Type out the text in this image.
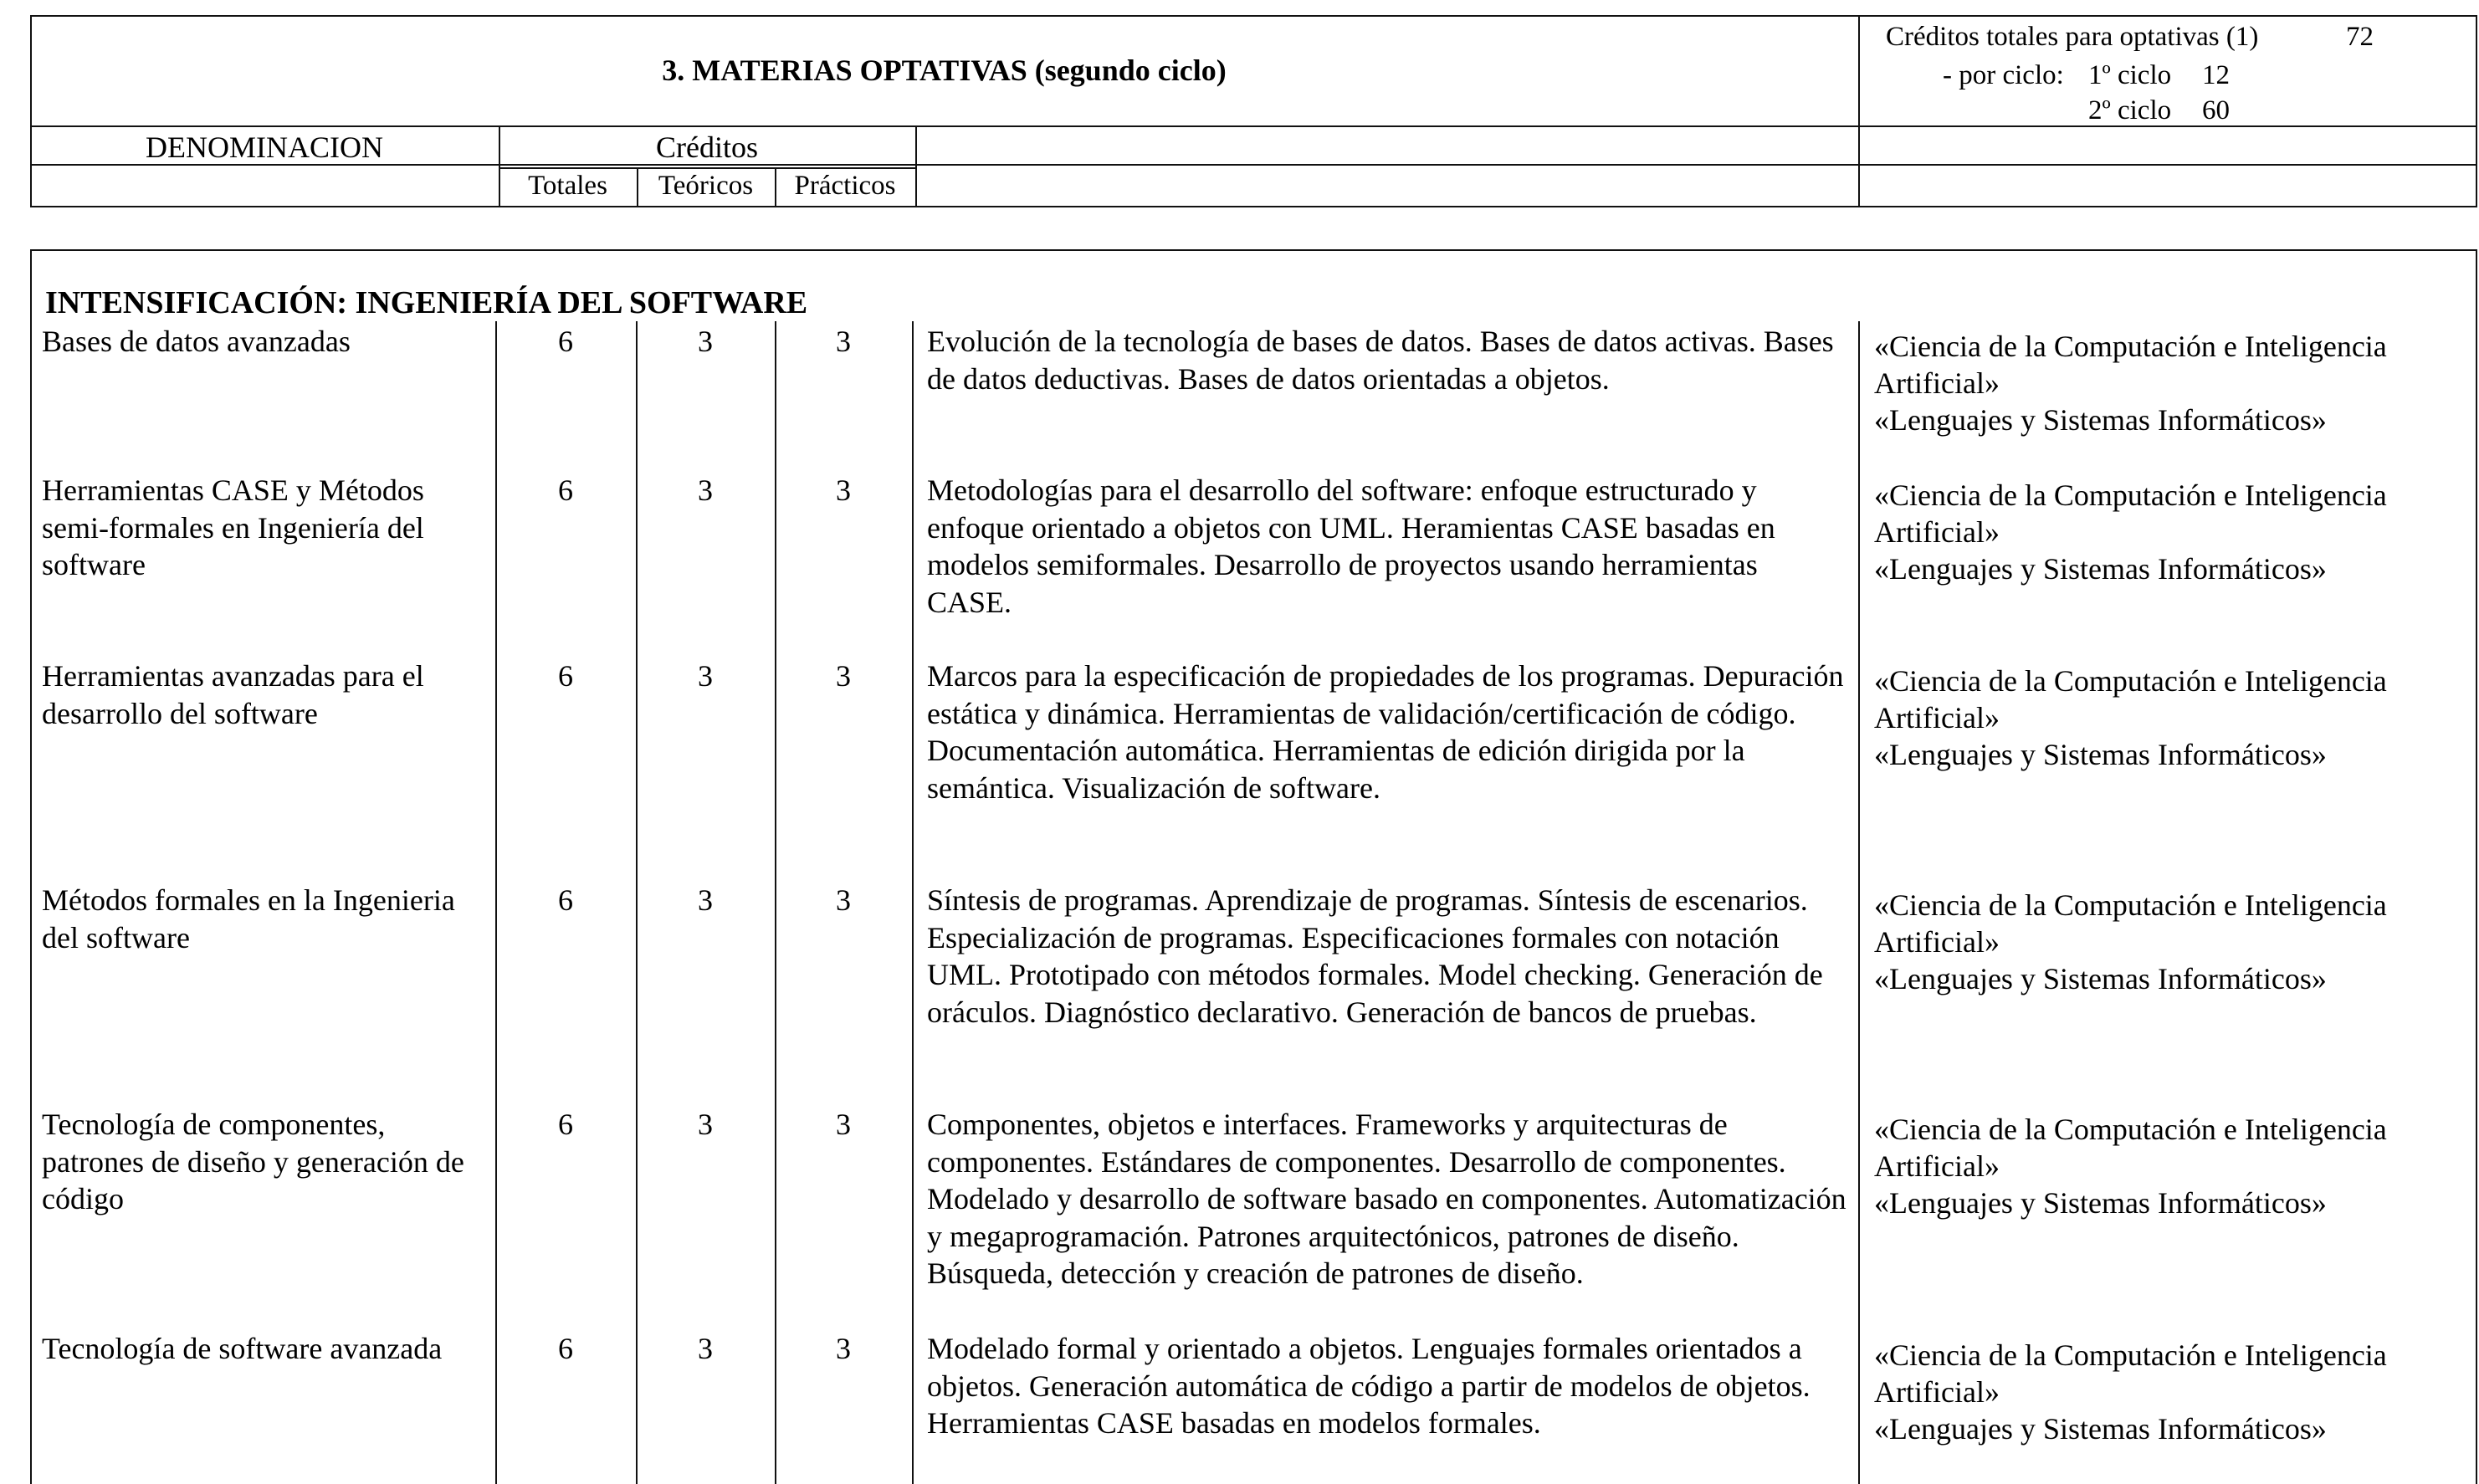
3. MATERIAS OPTATIVAS (segundo ciclo)
Créditos totales para optativas (1)	72
- por ciclo: 1º ciclo 12
2º ciclo 60
DENOMINACION	Créditos
Totales	Teóricos	Prácticos
INTENSIFICACIÓN: INGENIERÍA DEL SOFTWARE
Bases de datos avanzadas	6	3	3	Evolución de la tecnología de bases de datos. Bases de datos activas. Bases de datos deductivas. Bases de datos orientadas a objetos.
«Ciencia de la Computación e Inteligencia
Artificial»
«Lenguajes y Sistemas Informáticos»
Herramientas CASE y Métodos semi-formales en Ingeniería del software
6	3	3	Metodologías para el desarrollo del software: enfoque estructurado y enfoque orientado a objetos con UML. Heramientas CASE basadas en modelos semiformales. Desarrollo de proyectos usando herramientas CASE.
«Ciencia de la Computación e Inteligencia
Artificial»
«Lenguajes y Sistemas Informáticos»
Herramientas avanzadas para el desarrollo del software
6	3	3	Marcos para la especificación de propiedades de los programas. Depuración estática y dinámica. Herramientas de validación/certificación de código. Documentación automática. Herramientas de edición dirigida por la semántica. Visualización de software.
«Ciencia de la Computación e Inteligencia
Artificial»
«Lenguajes y Sistemas Informáticos»
Métodos formales en la Ingenieria del software
6	3	3	Síntesis de programas. Aprendizaje de programas. Síntesis de escenarios. Especialización de programas. Especificaciones formales con notación UML. Prototipado con métodos formales. Model checking. Generación de oráculos. Diagnóstico declarativo. Generación de bancos de pruebas.
«Ciencia de la Computación e Inteligencia
Artificial»
«Lenguajes y Sistemas Informáticos»
Tecnología de componentes, patrones de diseño y generación de código
6	3	3	Componentes, objetos e interfaces. Frameworks y arquitecturas de componentes. Estándares de componentes. Desarrollo de componentes. Modelado y desarrollo de software basado en componentes. Automatización y megaprogramación. Patrones arquitectónicos, patrones de diseño. Búsqueda, detección y creación de patrones de diseño.
«Ciencia de la Computación e Inteligencia
Artificial»
«Lenguajes y Sistemas Informáticos»
Tecnología de software avanzada	6	3	3	Modelado formal y orientado a objetos. Lenguajes formales orientados a objetos. Generación automática de código a partir de modelos de objetos. Herramientas CASE basadas en modelos formales.
«Ciencia de la Computación e Inteligencia
Artificial»
«Lenguajes y Sistemas Informáticos»
